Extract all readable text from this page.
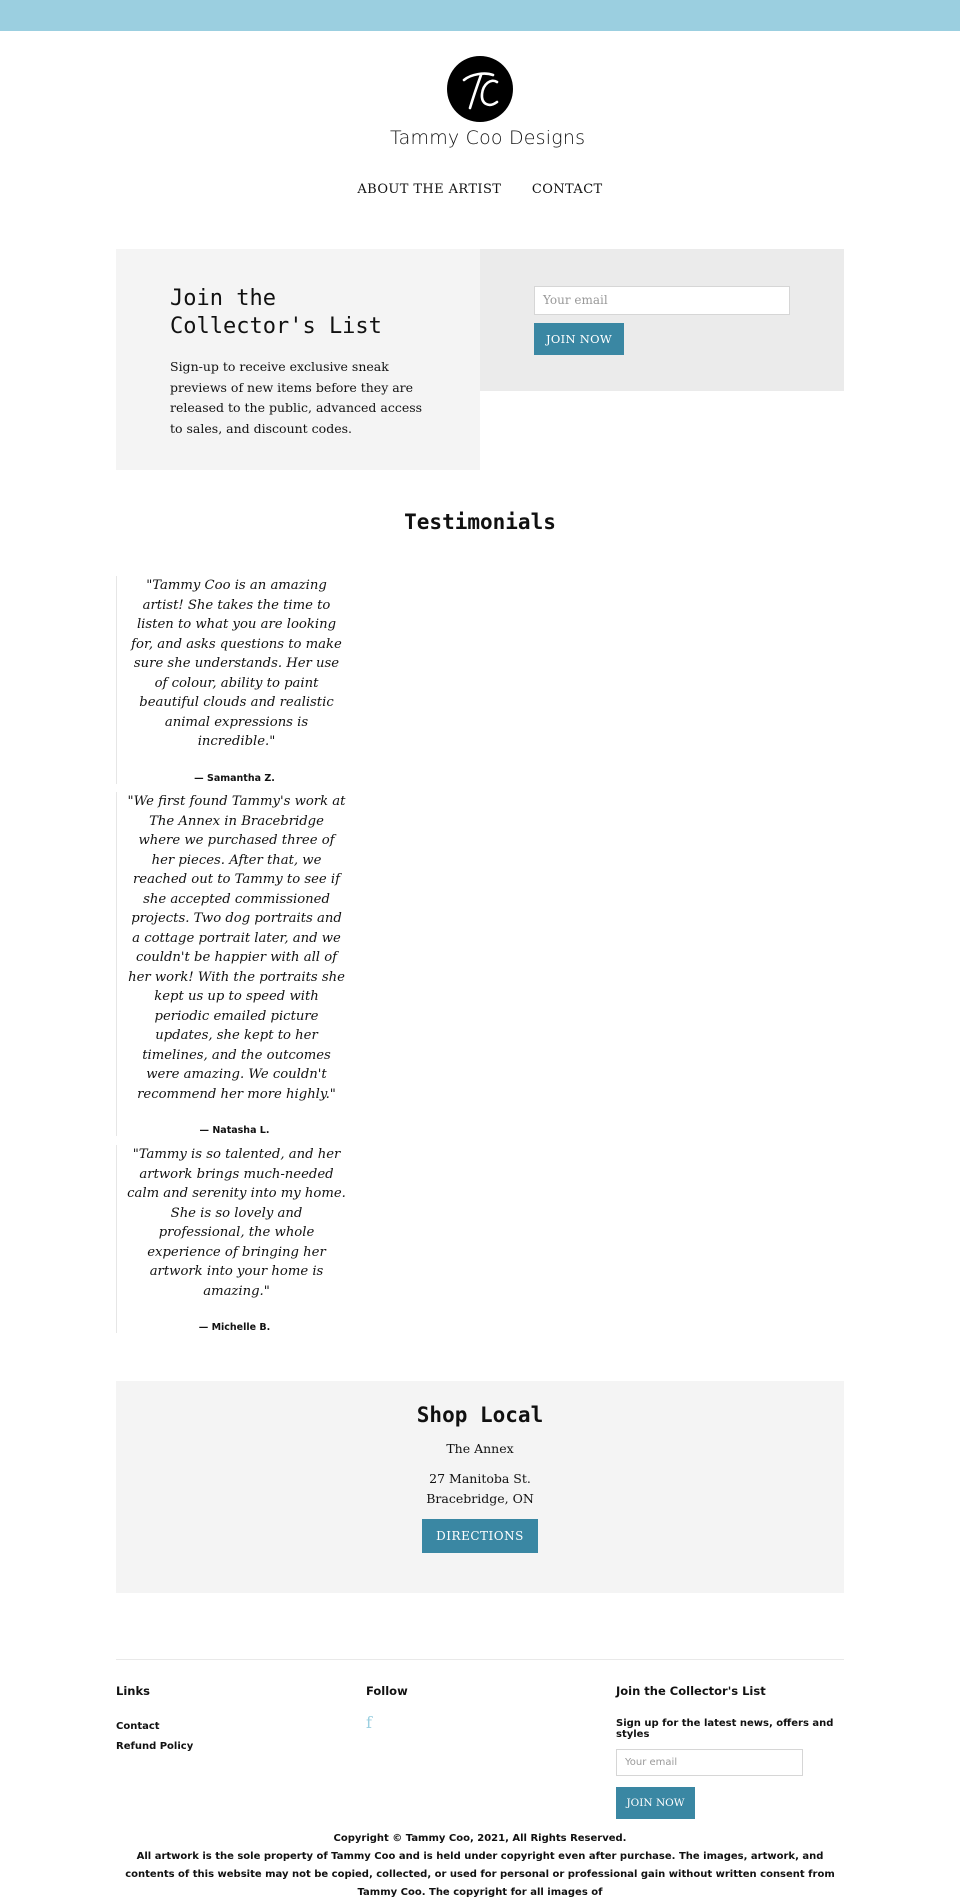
Tammy Coo Designs
ABOUT THE ARTIST CONTACT
Join the Collector's List

Sign-up to receive exclusive sneak previews of new items before they are released to the public, advanced access to sales, and discount codes.

Your email
JOIN NOW
Testimonials

"Tammy Coo is an amazing artist! She takes the time to listen to what you are looking for, and asks questions to make sure she understands. Her use of colour, ability to paint beautiful clouds and realistic animal expressions is incredible."

— Samantha Z.

"We first found Tammy's work at The Annex in Bracebridge where we purchased three of her pieces. After that, we reached out to Tammy to see if she accepted commissioned projects. Two dog portraits and a cottage portrait later, and we couldn't be happier with all of her work! With the portraits she kept us up to speed with periodic emailed picture updates, she kept to her timelines, and the outcomes were amazing. We couldn't recommend her more highly."

— Natasha L.

"Tammy is so talented, and her artwork brings much-needed calm and serenity into my home. She is so lovely and professional, the whole experience of bringing her artwork into your home is amazing."

— Michelle B.

Shop Local

The Annex

27 Manitoba St.
Bracebridge, ON

DIRECTIONS
Links
Contact
Refund Policy
Follow
f
Join the Collector's List

Sign up for the latest news, offers and styles

Your email
JOIN NOW

Copyright © Tammy Coo, 2021, All Rights Reserved.

All artwork is the sole property of Tammy Coo and is held under copyright even after purchase. The images, artwork, and contents of this website may not be copied, collected, or used for personal or professional gain without written consent from Tammy Coo. The copyright for all images of
